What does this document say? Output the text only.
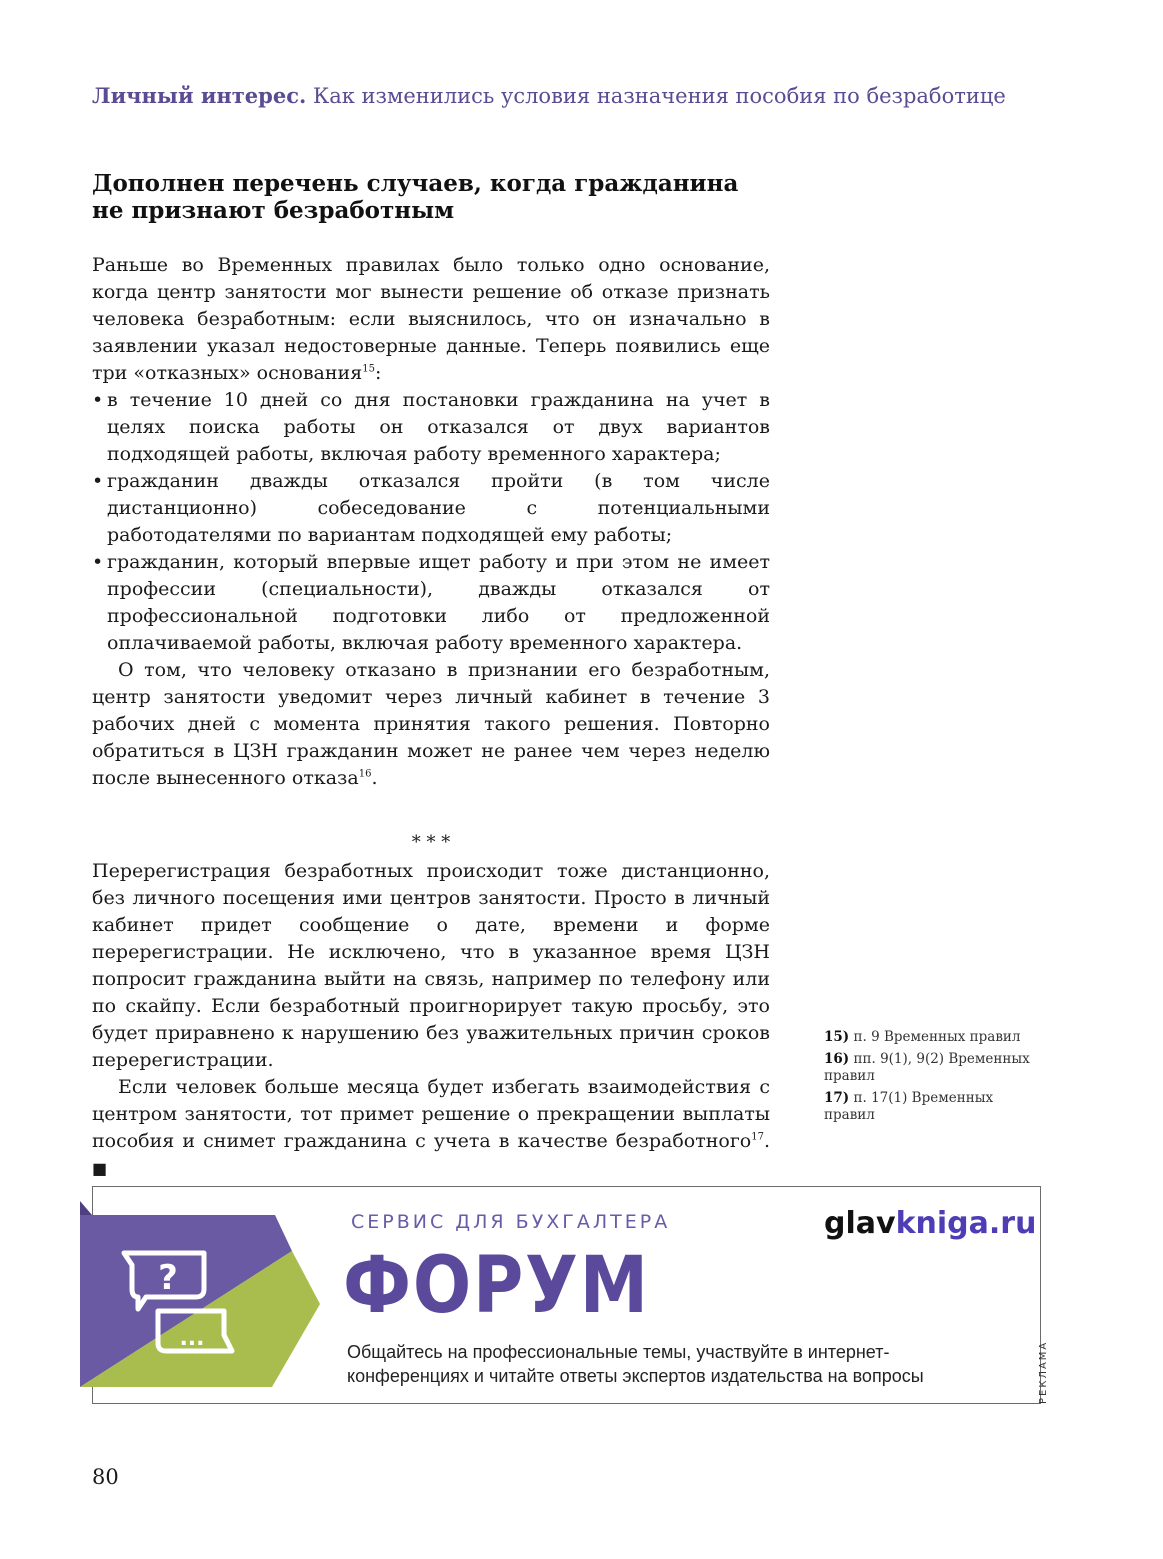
Личный интерес. Как изменились условия назначения пособия по безработице
Дополнен перечень случаев, когда гражданина
не признают безработным

Раньше во Временных правилах было только одно основание, когда центр занятости мог вынести решение об отказе признать человека безработным: если выяснилось, что он изначально в заявлении указал недостоверные данные. Теперь появились еще три «отказных» основания$^{15}$:

• в течение 10 дней со дня постановки гражданина на учет в целях поиска работы он отказался от двух вариантов подходящей работы, включая работу временного характера;
• гражданин дважды отказался пройти (в том числе дистанционно) собеседование с потенциальными работодателями по вариантам подходящей ему работы;
• гражданин, который впервые ищет работу и при этом не имеет профессии (специальности), дважды отказался от профессиональной подготовки либо от предложенной оплачиваемой работы, включая работу временного характера.

О том, что человеку отказано в признании его безработным, центр занятости уведомит через личный кабинет в течение 3 рабочих дней с момента принятия такого решения. Повторно обратиться в ЦЗН гражданин может не ранее чем через неделю после вынесенного отказа$^{16}$.

* * *

Перерегистрация безработных происходит тоже дистанционно, без личного посещения ими центров занятости. Просто в личный кабинет придет сообщение о дате, времени и форме перерегистрации. Не исключено, что в указанное время ЦЗН попросит гражданина выйти на связь, например по телефону или по скайпу. Если безработный проигнорирует такую просьбу, это будет приравнено к нарушению без уважительных причин сроков перерегистрации.

Если человек больше месяца будет избегать взаимодействия с центром занятости, тот примет решение о прекращении выплаты пособия и снимет гражданина с учета в качестве безработного$^{17}$. ■

15) п. 9 Временных правил
16) пп. 9(1), 9(2) Временных правил
17) п. 17(1) Временных правил
?
...
СЕРВИС ДЛЯ БУХГАЛТЕРА	glavkniga.ru
ФОРУМ
Общайтесь на профессиональные темы, участвуйте в интернет-конференциях и читайте ответы экспертов издательства на вопросы	РЕКЛАМА
80
